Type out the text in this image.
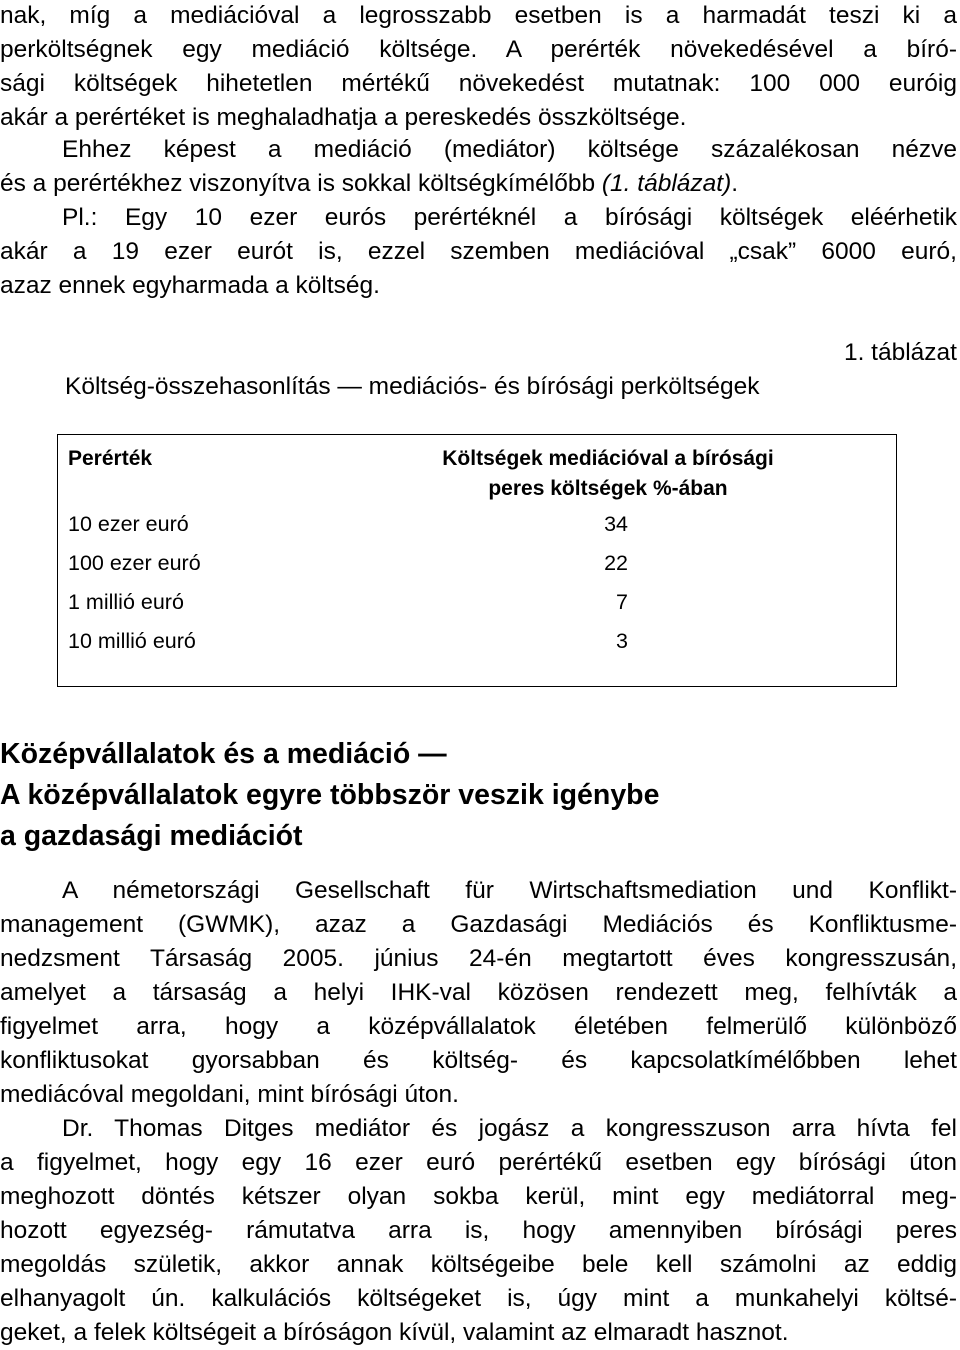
nak, míg a mediációval a legrosszabb esetben is a harmadát teszi ki a
perköltségnek egy mediáció költsége. A perérték növekedésével a bíró-
sági költségek hihetetlen mértékű növekedést mutatnak: 100 000 euróig
akár a perértéket is meghaladhatja a pereskedés összköltsége.

Ehhez képest a mediáció (mediátor) költsége százalékosan nézve
és a perértékhez viszonyítva is sokkal költségkímélőbb (1. táblázat).

Pl.: Egy 10 ezer eurós perértéknél a bírósági költségek eléérhetik
akár a 19 ezer eurót is, ezzel szemben mediációval „csak” 6000 euró,
azaz ennek egyharmada a költség.

1. táblázat
Költség-összehasonlítás ― mediációs- és bírósági perköltségek
Perérték	Költségek mediációval a bírósági
peres költségek %-ában
10 ezer euró	34
100 ezer euró	22
1 millió euró	7
10 millió euró	3
Középvállalatok és a mediáció ―
A középvállalatok egyre többször veszik igénybe
a gazdasági mediációt

A németországi Gesellschaft für Wirtschaftsmediation und Konflikt-
management (GWMK), azaz a Gazdasági Mediációs és Konfliktusme-
nedzsment Társaság 2005. június 24-én megtartott éves kongresszusán,
amelyet a társaság a helyi IHK-val közösen rendezett meg, felhívták a
figyelmet arra, hogy a középvállalatok életében felmerülő különböző
konfliktusokat gyorsabban és költség- és kapcsolatkímélőbben lehet
mediácóval megoldani, mint bírósági úton.

Dr. Thomas Ditges mediátor és jogász a kongresszuson arra hívta fel
a figyelmet, hogy egy 16 ezer euró perértékű esetben egy bírósági úton
meghozott döntés kétszer olyan sokba kerül, mint egy mediátorral meg-
hozott egyezség- rámutatva arra is, hogy amennyiben bírósági peres
megoldás születik, akkor annak költségeibe bele kell számolni az eddig
elhanyagolt ún. kalkulációs költségeket is, úgy mint a munkahelyi költsé-
geket, a felek költségeit a bíróságon kívül, valamint az elmaradt hasznot.
